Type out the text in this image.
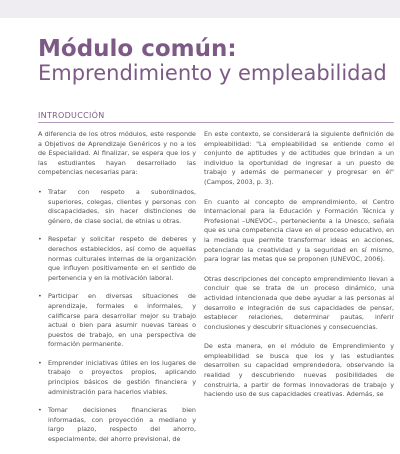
Módulo común:
Emprendimiento y empleabilidad
INTRODUCCIÓN

A diferencia de los otros módulos, este responde a Objetivos de Aprendizaje Genéricos y no a los de Especialidad. Al finalizar, se espera que los y las estudiantes hayan desarrollado las competencias necesarias para:

• Tratar con respeto a subordinados, superiores, colegas, clientes y personas con discapacidades, sin hacer distinciones de género, de clase social, de etnias u otras.
• Respetar y solicitar respeto de deberes y derechos establecidos, así como de aquellas normas culturales internas de la organización que influyen positivamente en el sentido de pertenencia y en la motivación laboral.
• Participar en diversas situaciones de aprendizaje, formales e informales, y calificarse para desarrollar mejor su trabajo actual o bien para asumir nuevas tareas o puestos de trabajo, en una perspectiva de formación permanente.
• Emprender iniciativas útiles en los lugares de trabajo o proyectos propios, aplicando principios básicos de gestión financiera y administración para hacerlos viables.
• Tomar decisiones financieras bien informadas, con proyección a mediano y largo plazo, respecto del ahorro, especialmente, del ahorro previsional, de

En este contexto, se considerará la siguiente definición de empleabilidad: "La empleabilidad se entiende como el conjunto de aptitudes y de actitudes que brindan a un individuo la oportunidad de ingresar a un puesto de trabajo y además de permanecer y progresar en él" (Campos, 2003, p. 3).

En cuanto al concepto de emprendimiento, el Centro Internacional para la Educación y Formación Técnica y Profesional –UNEVOC–, perteneciente a la Unesco, señala que es una competencia clave en el proceso educativo, en la medida que permite transformar ideas en acciones, potenciando la creatividad y la seguridad en sí mismo, para lograr las metas que se proponen (UNEVOC, 2006).

Otras descripciones del concepto emprendimiento llevan a concluir que se trata de un proceso dinámico, una actividad intencionada que debe ayudar a las personas al desarrollo e integración de sus capacidades de pensar, establecer relaciones, determinar pautas, inferir conclusiones y descubrir situaciones y consecuencias.

De esta manera, en el módulo de Emprendimiento y empleabilidad se busca que los y las estudiantes desarrollen su capacidad emprendedora, observando la realidad y descubriendo nuevas posibilidades de construirla, a partir de formas innovadoras de trabajo y haciendo uso de sus capacidades creativas. Además, se
